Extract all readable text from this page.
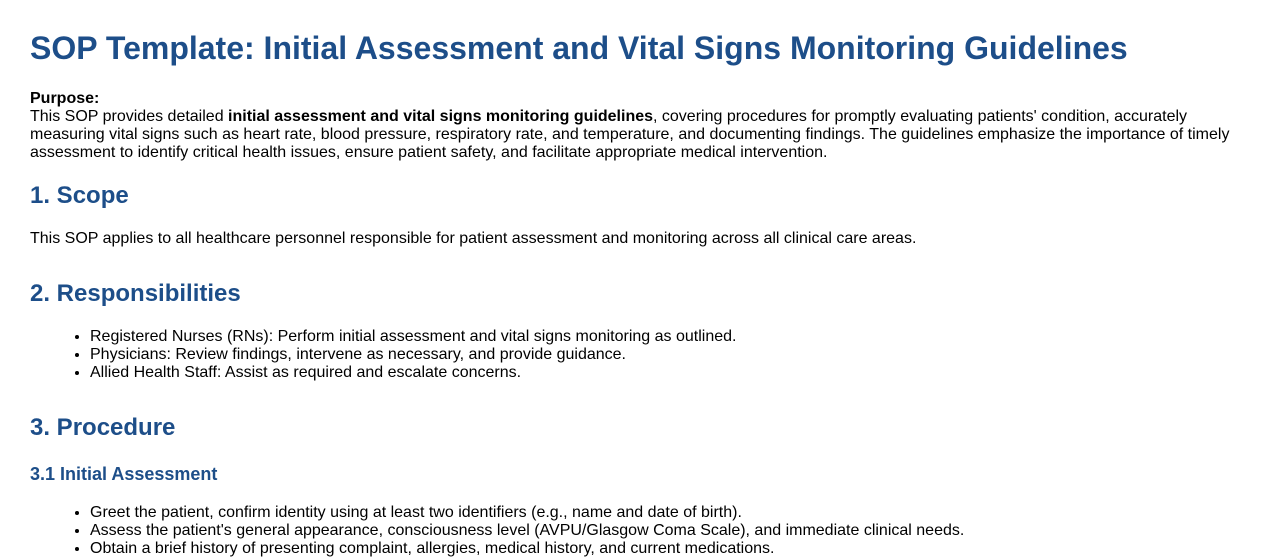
SOP Template: Initial Assessment and Vital Signs Monitoring Guidelines
Purpose:
This SOP provides detailed initial assessment and vital signs monitoring guidelines, covering procedures for promptly evaluating patients' condition, accurately measuring vital signs such as heart rate, blood pressure, respiratory rate, and temperature, and documenting findings. The guidelines emphasize the importance of timely assessment to identify critical health issues, ensure patient safety, and facilitate appropriate medical intervention.
1. Scope

This SOP applies to all healthcare personnel responsible for patient assessment and monitoring across all clinical care areas.

2. Responsibilities
• Registered Nurses (RNs): Perform initial assessment and vital signs monitoring as outlined.
• Physicians: Review findings, intervene as necessary, and provide guidance.
• Allied Health Staff: Assist as required and escalate concerns.
3. Procedure
3.1 Initial Assessment
• Greet the patient, confirm identity using at least two identifiers (e.g., name and date of birth).
• Assess the patient's general appearance, consciousness level (AVPU/Glasgow Coma Scale), and immediate clinical needs.
• Obtain a brief history of presenting complaint, allergies, medical history, and current medications.
